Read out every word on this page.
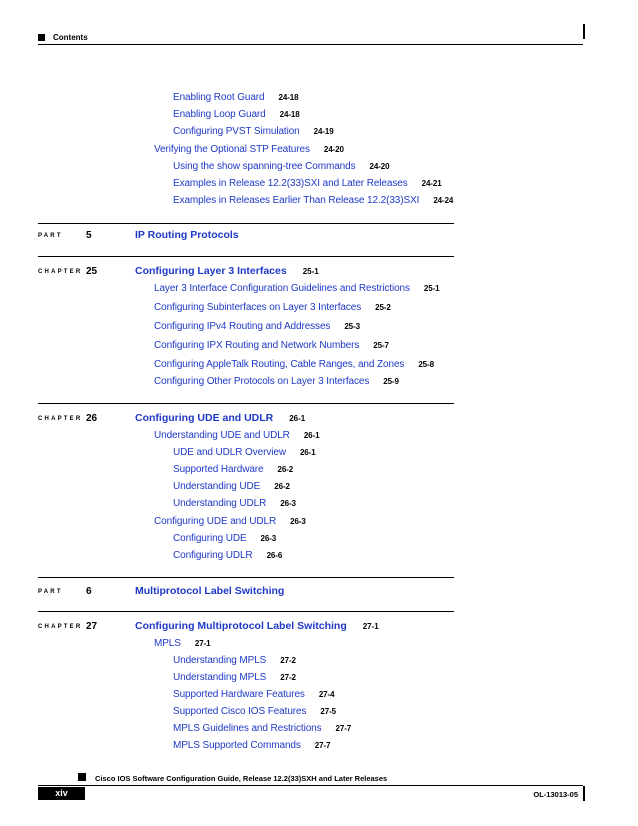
Contents
Enabling Root Guard 24-18
Enabling Loop Guard 24-18
Configuring PVST Simulation 24-19
Verifying the Optional STP Features 24-20
Using the show spanning-tree Commands 24-20
Examples in Release 12.2(33)SXI and Later Releases 24-21
Examples in Releases Earlier Than Release 12.2(33)SXI 24-24
PART 5	IP Routing Protocols
CHAPTER 25	Configuring Layer 3 Interfaces 25-1
Layer 3 Interface Configuration Guidelines and Restrictions 25-1
Configuring Subinterfaces on Layer 3 Interfaces 25-2
Configuring IPv4 Routing and Addresses 25-3
Configuring IPX Routing and Network Numbers 25-7
Configuring AppleTalk Routing, Cable Ranges, and Zones 25-8
Configuring Other Protocols on Layer 3 Interfaces 25-9
CHAPTER 26	Configuring UDE and UDLR 26-1
Understanding UDE and UDLR 26-1
UDE and UDLR Overview 26-1
Supported Hardware 26-2
Understanding UDE 26-2
Understanding UDLR 26-3
Configuring UDE and UDLR 26-3
Configuring UDE 26-3
Configuring UDLR 26-6
PART 6	Multiprotocol Label Switching
CHAPTER 27	Configuring Multiprotocol Label Switching 27-1
MPLS 27-1
Understanding MPLS 27-2
Understanding MPLS 27-2
Supported Hardware Features 27-4
Supported Cisco IOS Features 27-5
MPLS Guidelines and Restrictions 27-7
MPLS Supported Commands 27-7
Cisco IOS Software Configuration Guide, Release 12.2(33)SXH and Later Releases
xiv	OL-13013-05
